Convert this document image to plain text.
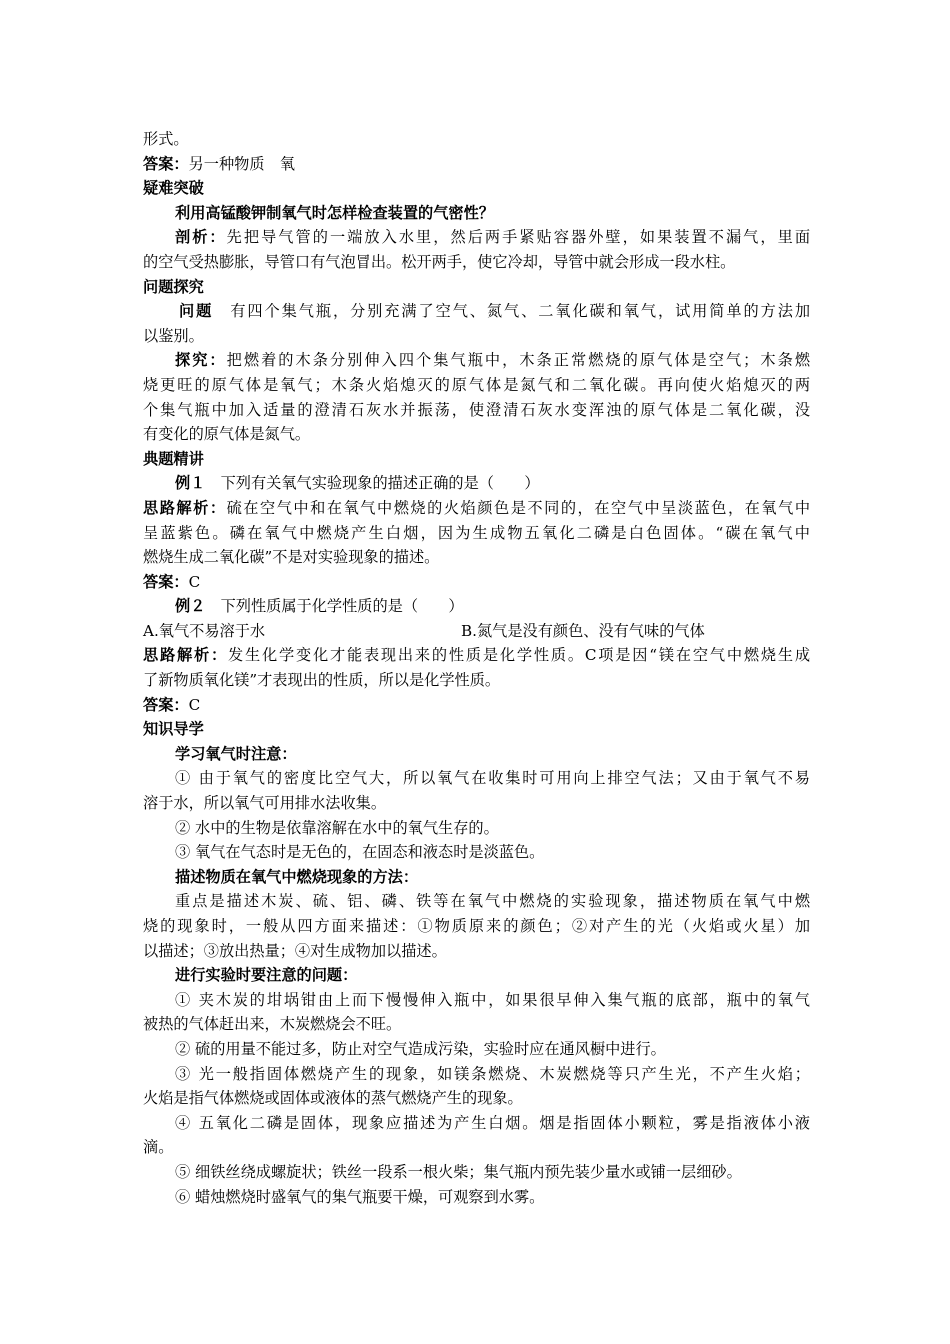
形式。
答案：另一种物质　氧
疑难突破
利用高锰酸钾制氧气时怎样检查装置的气密性？
剖析：先把导气管的一端放入水里，然后两手紧贴容器外壁，如果装置不漏气，里面
的空气受热膨胀，导管口有气泡冒出。松开两手，使它冷却，导管中就会形成一段水柱。
问题探究
问题　有四个集气瓶，分别充满了空气、氮气、二氧化碳和氧气，试用简单的方法加
以鉴别。
探究：把燃着的木条分别伸入四个集气瓶中，木条正常燃烧的原气体是空气；木条燃
烧更旺的原气体是氧气；木条火焰熄灭的原气体是氮气和二氧化碳。再向使火焰熄灭的两
个集气瓶中加入适量的澄清石灰水并振荡，使澄清石灰水变浑浊的原气体是二氧化碳，没
有变化的原气体是氮气。
典题精讲
例１　下列有关氧气实验现象的描述正确的是（　　）
思路解析：硫在空气中和在氧气中燃烧的火焰颜色是不同的，在空气中呈淡蓝色，在氧气中
呈蓝紫色。磷在氧气中燃烧产生白烟，因为生成物五氧化二磷是白色固体。“碳在氧气中
燃烧生成二氧化碳”不是对实验现象的描述。
答案：C
例２　下列性质属于化学性质的是（　　）
A.氧气不易溶于水	B.氮气是没有颜色、没有气味的气体
思路解析：发生化学变化才能表现出来的性质是化学性质。C项是因“镁在空气中燃烧生成
了新物质氧化镁”才表现出的性质，所以是化学性质。
答案：C
知识导学
学习氧气时注意：
① 由于氧气的密度比空气大，所以氧气在收集时可用向上排空气法；又由于氧气不易
溶于水，所以氧气可用排水法收集。
② 水中的生物是依靠溶解在水中的氧气生存的。
③ 氧气在气态时是无色的，在固态和液态时是淡蓝色。
描述物质在氧气中燃烧现象的方法：
重点是描述木炭、硫、铝、磷、铁等在氧气中燃烧的实验现象，描述物质在氧气中燃
烧的现象时，一般从四方面来描述：①物质原来的颜色；②对产生的光（火焰或火星）加
以描述；③放出热量；④对生成物加以描述。
进行实验时要注意的问题：
① 夹木炭的坩埚钳由上而下慢慢伸入瓶中，如果很早伸入集气瓶的底部，瓶中的氧气
被热的气体赶出来，木炭燃烧会不旺。
② 硫的用量不能过多，防止对空气造成污染，实验时应在通风橱中进行。
③ 光一般指固体燃烧产生的现象，如镁条燃烧、木炭燃烧等只产生光，不产生火焰；
火焰是指气体燃烧或固体或液体的蒸气燃烧产生的现象。
④ 五氧化二磷是固体，现象应描述为产生白烟。烟是指固体小颗粒，雾是指液体小液
滴。
⑤ 细铁丝绕成螺旋状；铁丝一段系一根火柴；集气瓶内预先装少量水或铺一层细砂。
⑥ 蜡烛燃烧时盛氧气的集气瓶要干燥，可观察到水雾。
